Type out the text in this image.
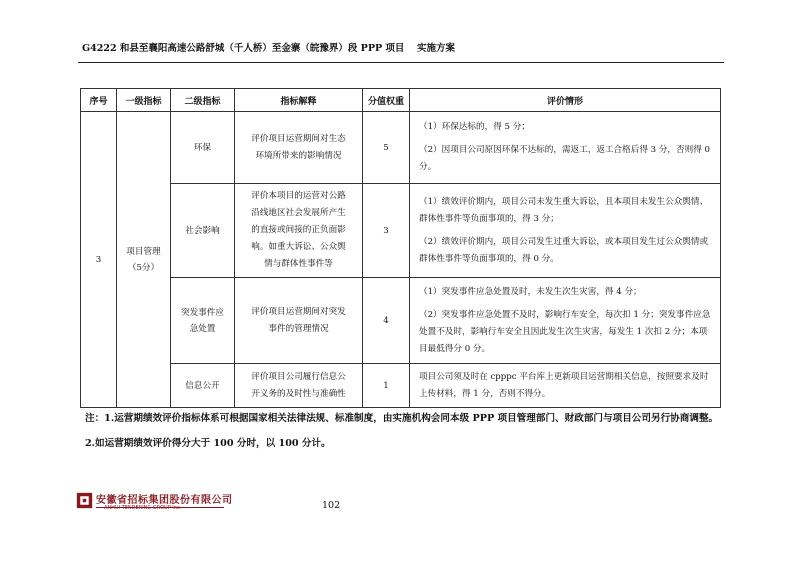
G4222 和县至襄阳高速公路舒城（千人桥）至金寨（皖豫界）段 PPP 项目 实施方案
序号	一级指标	二级指标	指标解释	分值权重	评价情形
3	项目管理（5分）	环保	评价项目运营期间对生态环境所带来的影响情况	5	（1）环保达标的，得 5 分；

（2）因项目公司原因环保不达标的，需返工，返工合格后得 3 分，否则得 0 分。

		社会影响	评价本项目的运营对公路沿线地区社会发展所产生的直接或间接的正负面影响。如重大诉讼、公众舆情与群体性事件等	3	（1）绩效评价期内，项目公司未发生重大诉讼，且本项目未发生公众舆情、群体性事件等负面事项的，得 3 分；

（2）绩效评价期内，项目公司发生过重大诉讼，或本项目发生过公众舆情或群体性事件等负面事项的，得 0 分。

		突发事件应急处置	评价项目运营期间对突发事件的管理情况	4	（1）突发事件应急处置及时，未发生次生灾害，得 4 分；

（2）突发事件应急处置不及时，影响行车安全，每次扣 1 分；突发事件应急处置不及时，影响行车安全且因此发生次生灾害，每发生 1 次扣 2 分；本项目最低得分 0 分。

		信息公开	评价项目公司履行信息公开义务的及时性与准确性	1	项目公司须及时在 cpppc 平台库上更新项目运营期相关信息，按照要求及时上传材料，得 1 分，否则不得分。

注：1.运营期绩效评价指标体系可根据国家相关法律法规、标准制度，由实施机构会同本级 PPP 项目管理部门、财政部门与项目公司另行协商调整。2.如运营期绩效评价得分大于 100 分时，以 100 分计。
安徽省招标集团股份有限公司
ANHUI TENDERING GROUP Inc.	102
